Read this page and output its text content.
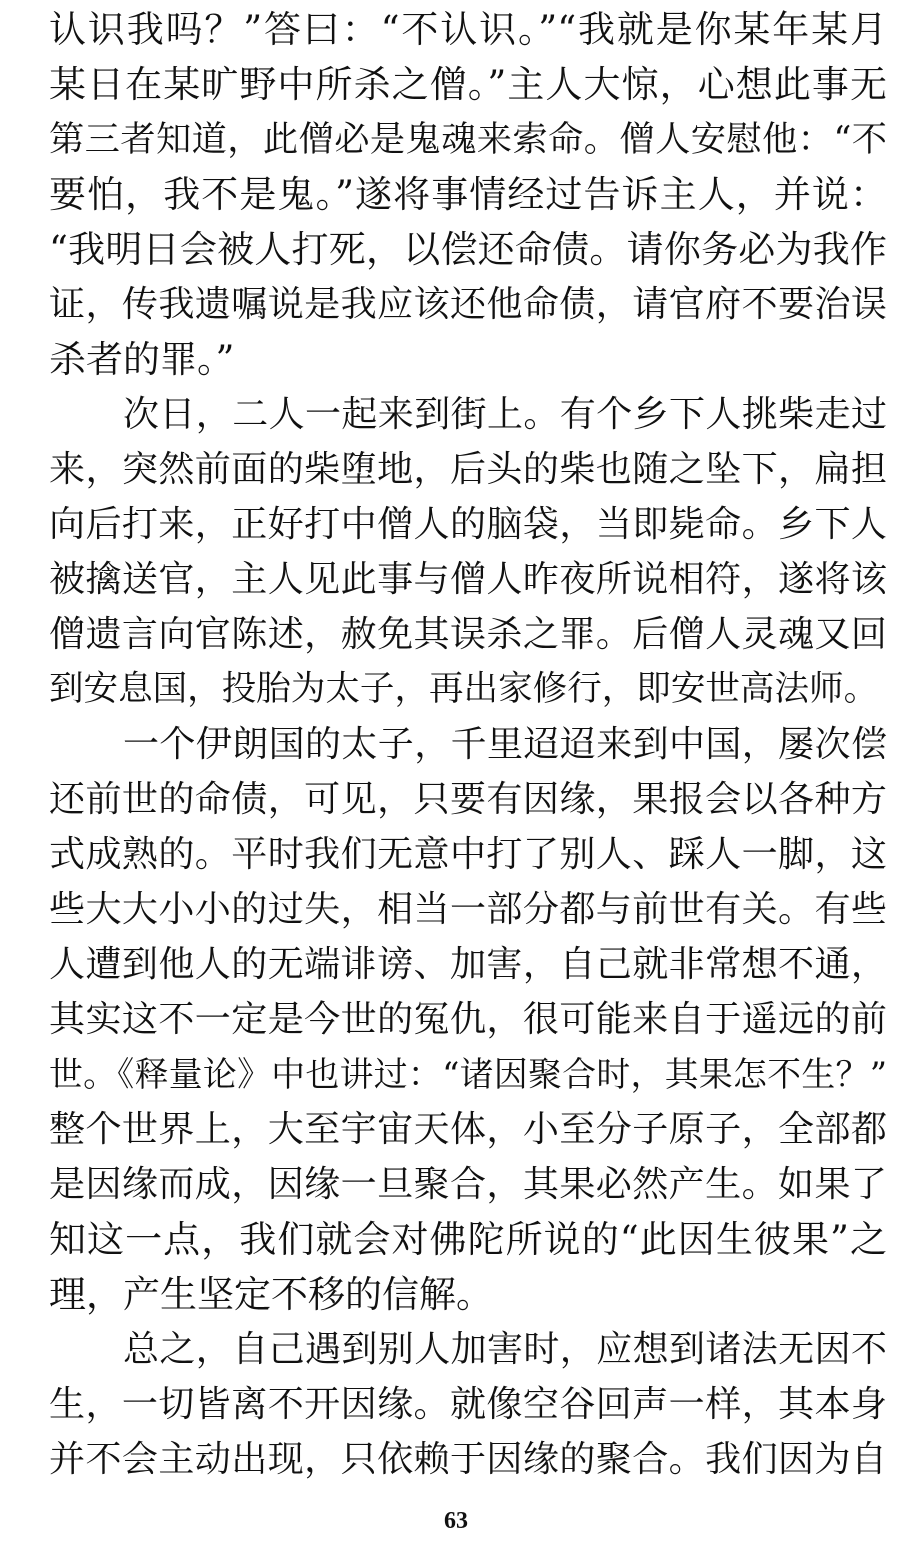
认识我吗？”答曰：“不认识。”“我就是你某年某月
某日在某旷野中所杀之僧。”主人大惊，心想此事无
第三者知道，此僧必是鬼魂来索命。僧人安慰他：“不
要怕，我不是鬼。”遂将事情经过告诉主人，并说：
“我明日会被人打死，以偿还命债。请你务必为我作
证，传我遗嘱说是我应该还他命债，请官府不要治误
杀者的罪。”
次日，二人一起来到街上。有个乡下人挑柴走过
来，突然前面的柴堕地，后头的柴也随之坠下，扁担
向后打来，正好打中僧人的脑袋，当即毙命。乡下人
被擒送官，主人见此事与僧人昨夜所说相符，遂将该
僧遗言向官陈述，赦免其误杀之罪。后僧人灵魂又回
到安息国，投胎为太子，再出家修行，即安世高法师。
一个伊朗国的太子，千里迢迢来到中国，屡次偿
还前世的命债，可见，只要有因缘，果报会以各种方
式成熟的。平时我们无意中打了别人、踩人一脚，这
些大大小小的过失，相当一部分都与前世有关。有些
人遭到他人的无端诽谤、加害，自己就非常想不通，
其实这不一定是今世的冤仇，很可能来自于遥远的前
世。《释量论》中也讲过：“诸因聚合时，其果怎不生？”
整个世界上，大至宇宙天体，小至分子原子，全部都
是因缘而成，因缘一旦聚合，其果必然产生。如果了
知这一点，我们就会对佛陀所说的“此因生彼果”之
理，产生坚定不移的信解。
总之，自己遇到别人加害时，应想到诸法无因不
生，一切皆离不开因缘。就像空谷回声一样，其本身
并不会主动出现，只依赖于因缘的聚合。我们因为自
63
